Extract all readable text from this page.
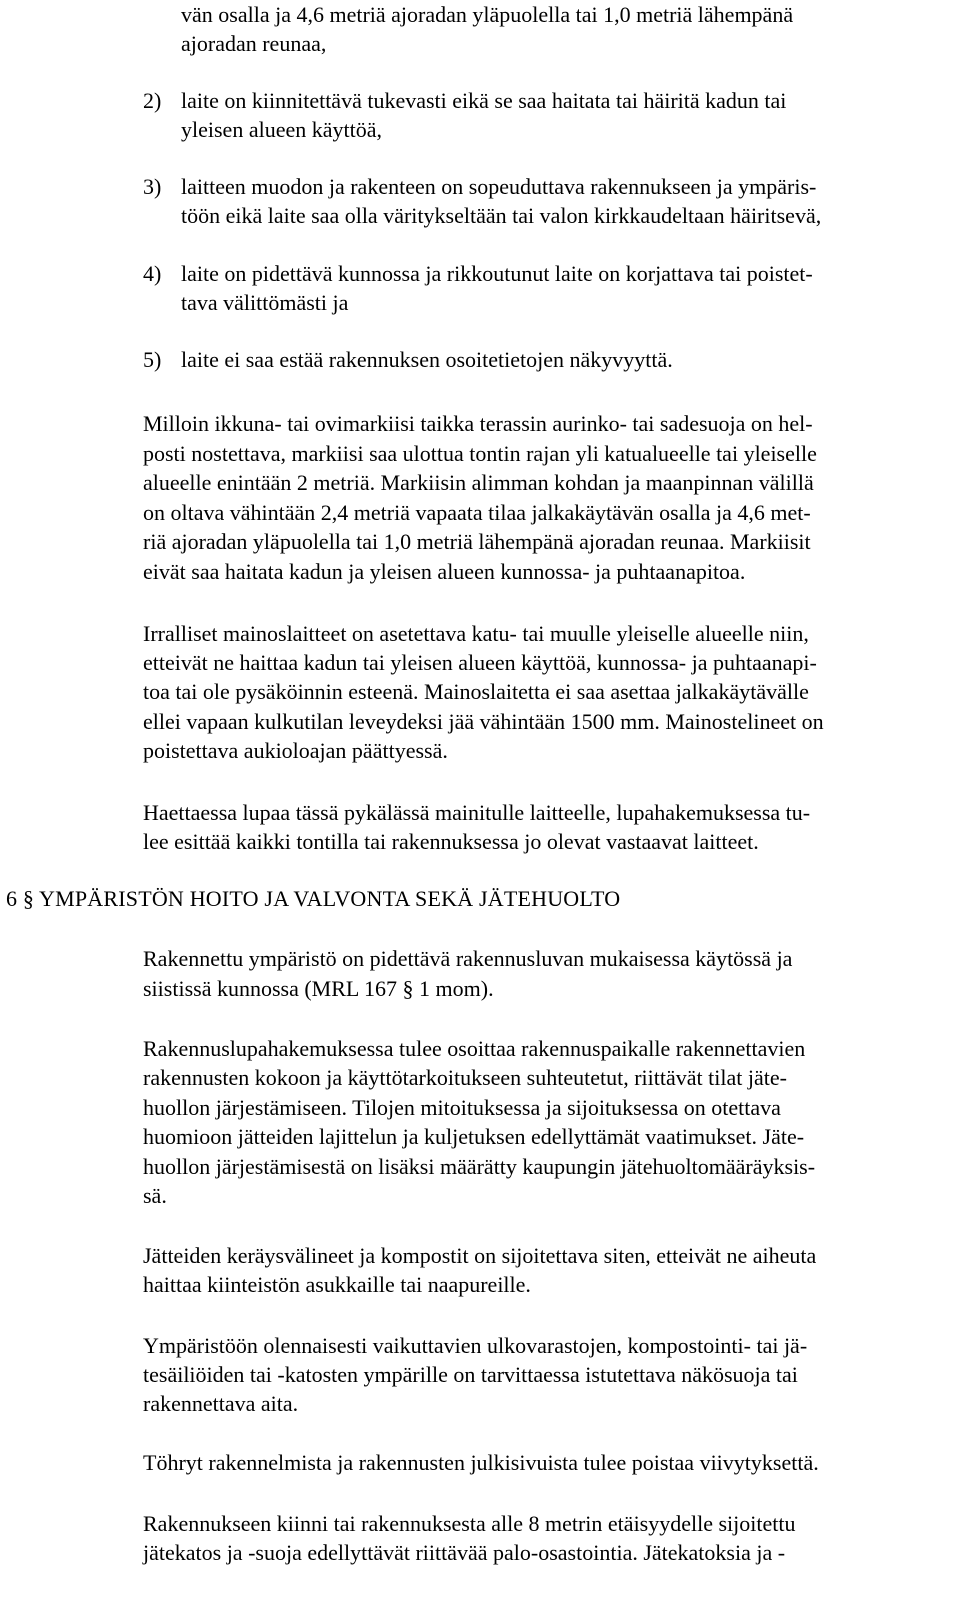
vän osalla ja 4,6 metriä ajoradan yläpuolella tai 1,0 metriä lähempänä

ajoradan reunaa,

2) laite on kiinnitettävä tukevasti eikä se saa haitata tai häiritä kadun tai

yleisen alueen käyttöä,

3) laitteen muodon ja rakenteen on sopeuduttava rakennukseen ja ympäris-

töön eikä laite saa olla väritykseltään tai valon kirkkaudeltaan häiritsevä,

4) laite on pidettävä kunnossa ja rikkoutunut laite on korjattava tai poistet-

tava välittömästi ja

5) laite ei saa estää rakennuksen osoitetietojen näkyvyyttä.

Milloin ikkuna- tai ovimarkiisi taikka terassin aurinko- tai sadesuoja on hel-

posti nostettava, markiisi saa ulottua tontin rajan yli katualueelle tai yleiselle

alueelle enintään 2 metriä. Markiisin alimman kohdan ja maanpinnan välillä

on oltava vähintään 2,4 metriä vapaata tilaa jalkakäytävän osalla ja 4,6 met-

riä ajoradan yläpuolella tai 1,0 metriä lähempänä ajoradan reunaa. Markiisit

eivät saa haitata kadun ja yleisen alueen kunnossa- ja puhtaanapitoa.

Irralliset mainoslaitteet on asetettava katu- tai muulle yleiselle alueelle niin,

etteivät ne haittaa kadun tai yleisen alueen käyttöä, kunnossa- ja puhtaanapi-

toa tai ole pysäköinnin esteenä. Mainoslaitetta ei saa asettaa jalkakäytävälle

ellei vapaan kulkutilan leveydeksi jää vähintään 1500 mm. Mainostelineet on

poistettava aukioloajan päättyessä.

Haettaessa lupaa tässä pykälässä mainitulle laitteelle, lupahakemuksessa tu-

lee esittää kaikki tontilla tai rakennuksessa jo olevat vastaavat laitteet.

6 § YMPÄRISTÖN HOITO JA VALVONTA SEKÄ JÄTEHUOLTO

Rakennettu ympäristö on pidettävä rakennusluvan mukaisessa käytössä ja

siistissä kunnossa (MRL 167 § 1 mom).

Rakennuslupahakemuksessa tulee osoittaa rakennuspaikalle rakennettavien

rakennusten kokoon ja käyttötarkoitukseen suhteutetut, riittävät tilat jäte-

huollon järjestämiseen. Tilojen mitoituksessa ja sijoituksessa on otettava

huomioon jätteiden lajittelun ja kuljetuksen edellyttämät vaatimukset. Jäte-

huollon järjestämisestä on lisäksi määrätty kaupungin jätehuoltomääräyksis-

sä.

Jätteiden keräysvälineet ja kompostit on sijoitettava siten, etteivät ne aiheuta

haittaa kiinteistön asukkaille tai naapureille.

Ympäristöön olennaisesti vaikuttavien ulkovarastojen, kompostointi- tai jä-

tesäiliöiden tai -katosten ympärille on tarvittaessa istutettava näkösuoja tai

rakennettava aita.

Töhryt rakennelmista ja rakennusten julkisivuista tulee poistaa viivytyksettä.

Rakennukseen kiinni tai rakennuksesta alle 8 metrin etäisyydelle sijoitettu

jätekatos ja -suoja edellyttävät riittävää palo-osastointia. Jätekatoksia ja -
